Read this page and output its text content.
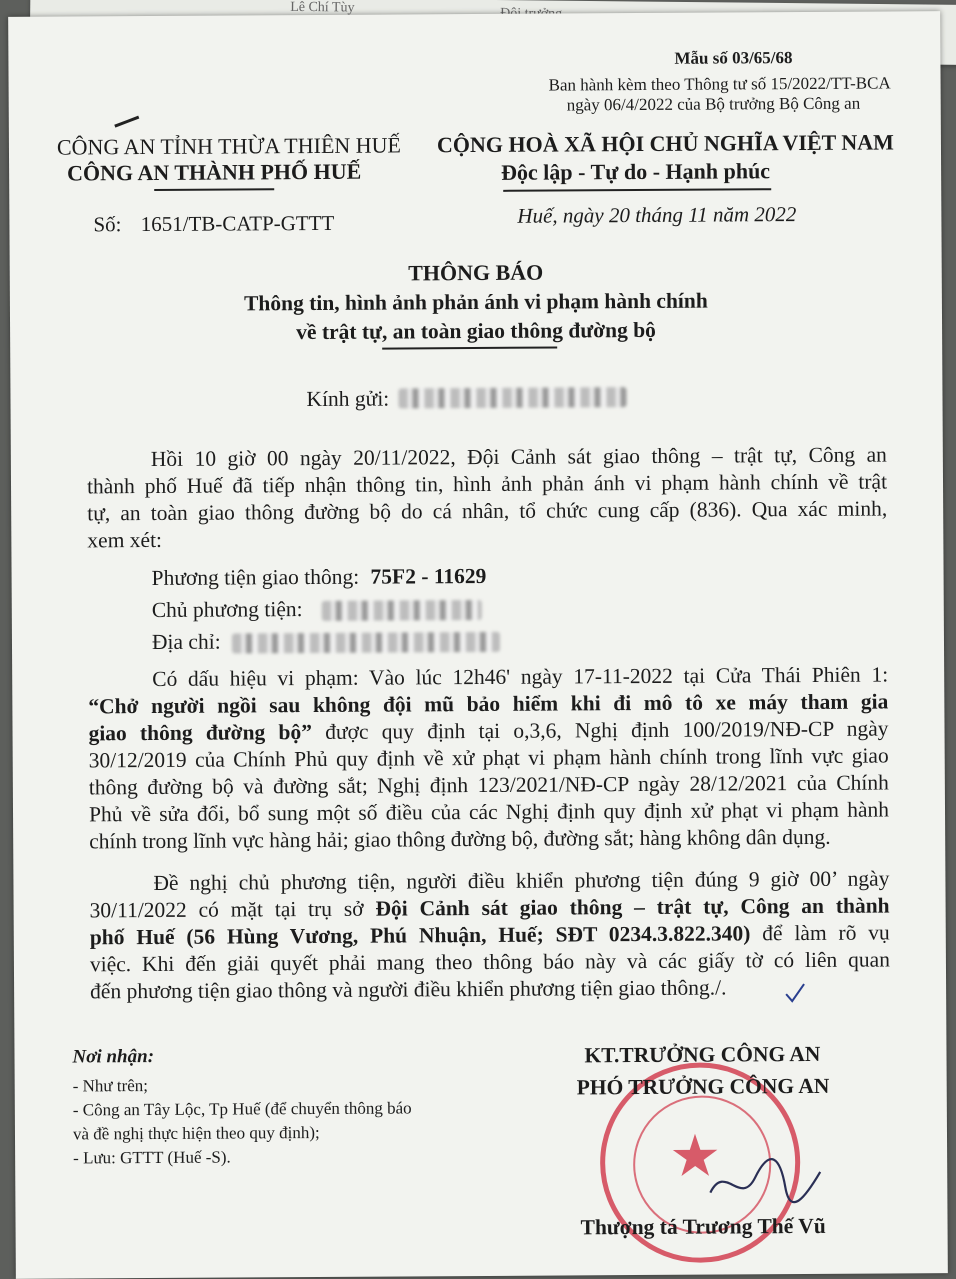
Lê Chí Tùy
Mẫu số 03/65/68
Ban hành kèm theo Thông tư số 15/2022/TT-BCA
ngày 06/4/2022 của Bộ trưởng Bộ Công an
CÔNG AN TỈNH THỪA THIÊN HUẾ
CÔNG AN THÀNH PHỐ HUẾ
CỘNG HOÀ XÃ HỘI CHỦ NGHĨA VIỆT NAM
Độc lập - Tự do - Hạnh phúc
Số: 1651/TB-CATP-GTTT	Huế, ngày 20 tháng 11 năm 2022
THÔNG BÁO
Thông tin, hình ảnh phản ánh vi phạm hành chính
về trật tự, an toàn giao thông đường bộ
Kính gửi:
Hồi 10 giờ 00 ngày 20/11/2022, Đội Cảnh sát giao thông – trật tự, Công an
thành phố Huế đã tiếp nhận thông tin, hình ảnh phản ánh vi phạm hành chính về trật
tự, an toàn giao thông đường bộ do cá nhân, tổ chức cung cấp (836). Qua xác minh,
xem xét:
Phương tiện giao thông: 75F2 - 11629
Chủ phương tiện:
Địa chỉ:
Có dấu hiệu vi phạm: Vào lúc 12h46' ngày 17-11-2022 tại Cửa Thái Phiên 1:
“Chở người ngồi sau không đội mũ bảo hiểm khi đi mô tô xe máy tham gia
giao thông đường bộ” được quy định tại o,3,6, Nghị định 100/2019/NĐ-CP ngày
30/12/2019 của Chính Phủ quy định về xử phạt vi phạm hành chính trong lĩnh vực giao
thông đường bộ và đường sắt; Nghị định 123/2021/NĐ-CP ngày 28/12/2021 của Chính
Phủ về sửa đổi, bổ sung một số điều của các Nghị định quy định xử phạt vi phạm hành
chính trong lĩnh vực hàng hải; giao thông đường bộ, đường sắt; hàng không dân dụng.
Đề nghị chủ phương tiện, người điều khiển phương tiện đúng 9 giờ 00’ ngày
30/11/2022 có mặt tại trụ sở Đội Cảnh sát giao thông – trật tự, Công an thành
phố Huế (56 Hùng Vương, Phú Nhuận, Huế; SĐT 0234.3.822.340) để làm rõ vụ
việc. Khi đến giải quyết phải mang theo thông báo này và các giấy tờ có liên quan
đến phương tiện giao thông và người điều khiển phương tiện giao thông./.
Nơi nhận:
- Như trên;
- Công an Tây Lộc, Tp Huế (để chuyển thông báo
và đề nghị thực hiện theo quy định);
- Lưu: GTTT (Huế -S).	★
KT.TRƯỞNG CÔNG AN
PHÓ TRƯỞNG CÔNG AN
Thượng tá Trương Thế Vũ
